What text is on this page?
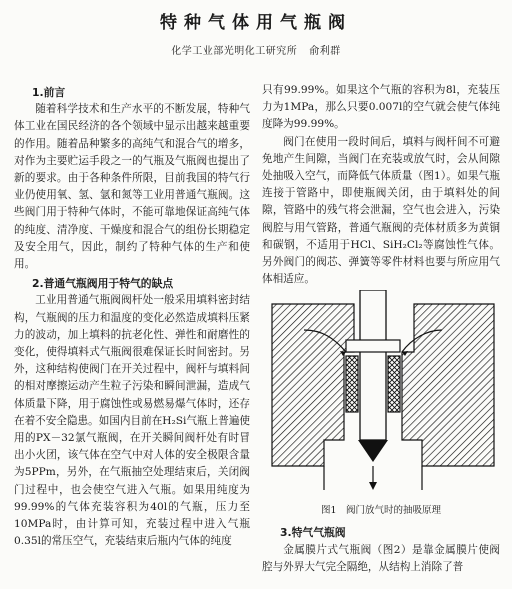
特种气体用气瓶阀
化学工业部光明化工研究所 俞利群
1.前言

随着科学技术和生产水平的不断发展，特种气体工业在国民经济的各个领域中显示出越来越重要的作用。随着品种繁多的高纯气和混合气的增多，对作为主要贮运手段之一的气瓶及气瓶阀也提出了新的要求。由于各种条件所限，目前我国的特气行业仍使用氧、氢、氩和氮等工业用普通气瓶阀。这些阀门用于特种气体时，不能可靠地保证高纯气体的纯度、清净度、干燥度和混合气的组份长期稳定及安全用气，因此，制约了特种气体的生产和使用。

2.普通气瓶阀用于特气的缺点

工业用普通气瓶阀阀杆处一般采用填料密封结构，气瓶阀的压力和温度的变化必然造成填料压紧力的波动，加上填料的抗老化性、弹性和耐磨性的变化，使得填料式气瓶阀很难保证长时间密封。另外，这种结构使阀门在开关过程中，阀杆与填料间的相对摩擦运动产生粒子污染和瞬间泄漏，造成气体质量下降，用于腐蚀性或易燃易爆气体时，还存在着不安全隐患。如国内目前在H₂Si气瓶上普遍使用的PX－32氯气瓶阀，在开关瞬间阀杆处有时冒出小火团，该气体在空气中对人体的安全极限含量为5PPm，另外，在气瓶抽空处理结束后，关闭阀门过程中，也会使空气进入气瓶。如果用纯度为99.99%的气体充装容积为40l的气瓶，压力至10MPa时，由计算可知，充装过程中进入气瓶0.35l的常压空气，充装结束后瓶内气体的纯度

只有99.99%。如果这个气瓶的容积为8l，充装压力为1MPa，那么只要0.007l的空气就会使气体纯度降为99.99%。

阀门在使用一段时间后，填料与阀杆间不可避免地产生间隙，当阀门在充装或放气时，会从间隙处抽吸入空气，而降低气体质量（图1）。如果气瓶连接于管路中，即使瓶阀关闭，由于填料处的间隙，管路中的残气将会泄漏，空气也会进入，污染阀腔与用气管路，普通气瓶阀的壳体材质多为黄铜和碳钢，不适用于HCl、SiH₂Cl₂等腐蚀性气体。另外阀门的阀芯、弹簧等零件材料也要与所应用气体相适应。

图1　阀门放气时的抽吸原理
3.特气气瓶阀

金属膜片式气瓶阀（图2）是靠金属膜片使阀腔与外界大气完全隔绝，从结构上消除了普
